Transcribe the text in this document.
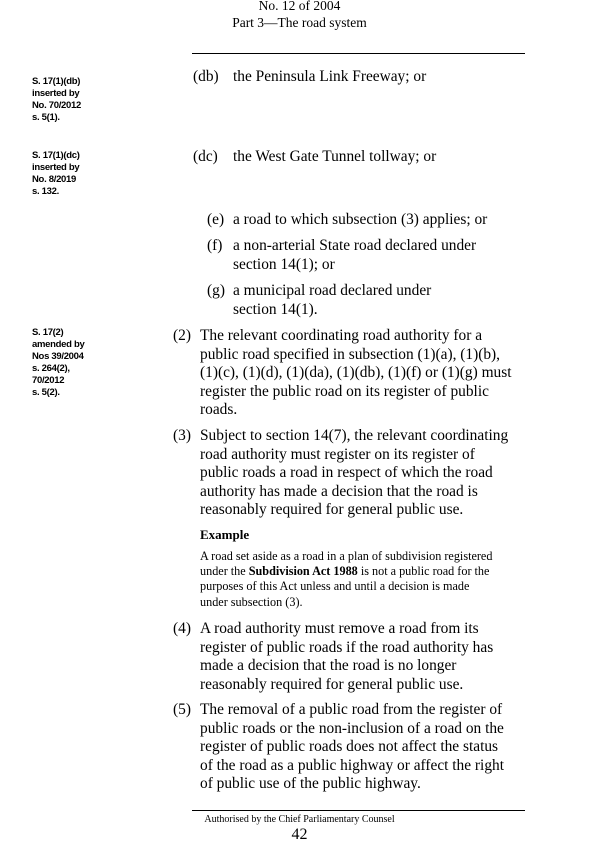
No. 12 of 2004
Part 3—The road system
S. 17(1)(db)
inserted by
No. 70/2012
s. 5(1).
S. 17(1)(dc)
inserted by
No. 8/2019
s. 132.
S. 17(2)
amended by
Nos 39/2004
s. 264(2),
70/2012
s. 5(2).
(db) the Peninsula Link Freeway; or
(dc) the West Gate Tunnel tollway; or
(e) a road to which subsection (3) applies; or
(f) a non-arterial State road declared under
section 14(1); or
(g) a municipal road declared under
section 14(1).
(2) The relevant coordinating road authority for a
public road specified in subsection (1)(a), (1)(b),
(1)(c), (1)(d), (1)(da), (1)(db), (1)(f) or (1)(g) must
register the public road on its register of public
roads.
(3) Subject to section 14(7), the relevant coordinating
road authority must register on its register of
public roads a road in respect of which the road
authority has made a decision that the road is
reasonably required for general public use.
Example
A road set aside as a road in a plan of subdivision registered
under the Subdivision Act 1988 is not a public road for the
purposes of this Act unless and until a decision is made
under subsection (3).
(4) A road authority must remove a road from its
register of public roads if the road authority has
made a decision that the road is no longer
reasonably required for general public use.
(5) The removal of a public road from the register of
public roads or the non-inclusion of a road on the
register of public roads does not affect the status
of the road as a public highway or affect the right
of public use of the public highway.
Authorised by the Chief Parliamentary Counsel
42
